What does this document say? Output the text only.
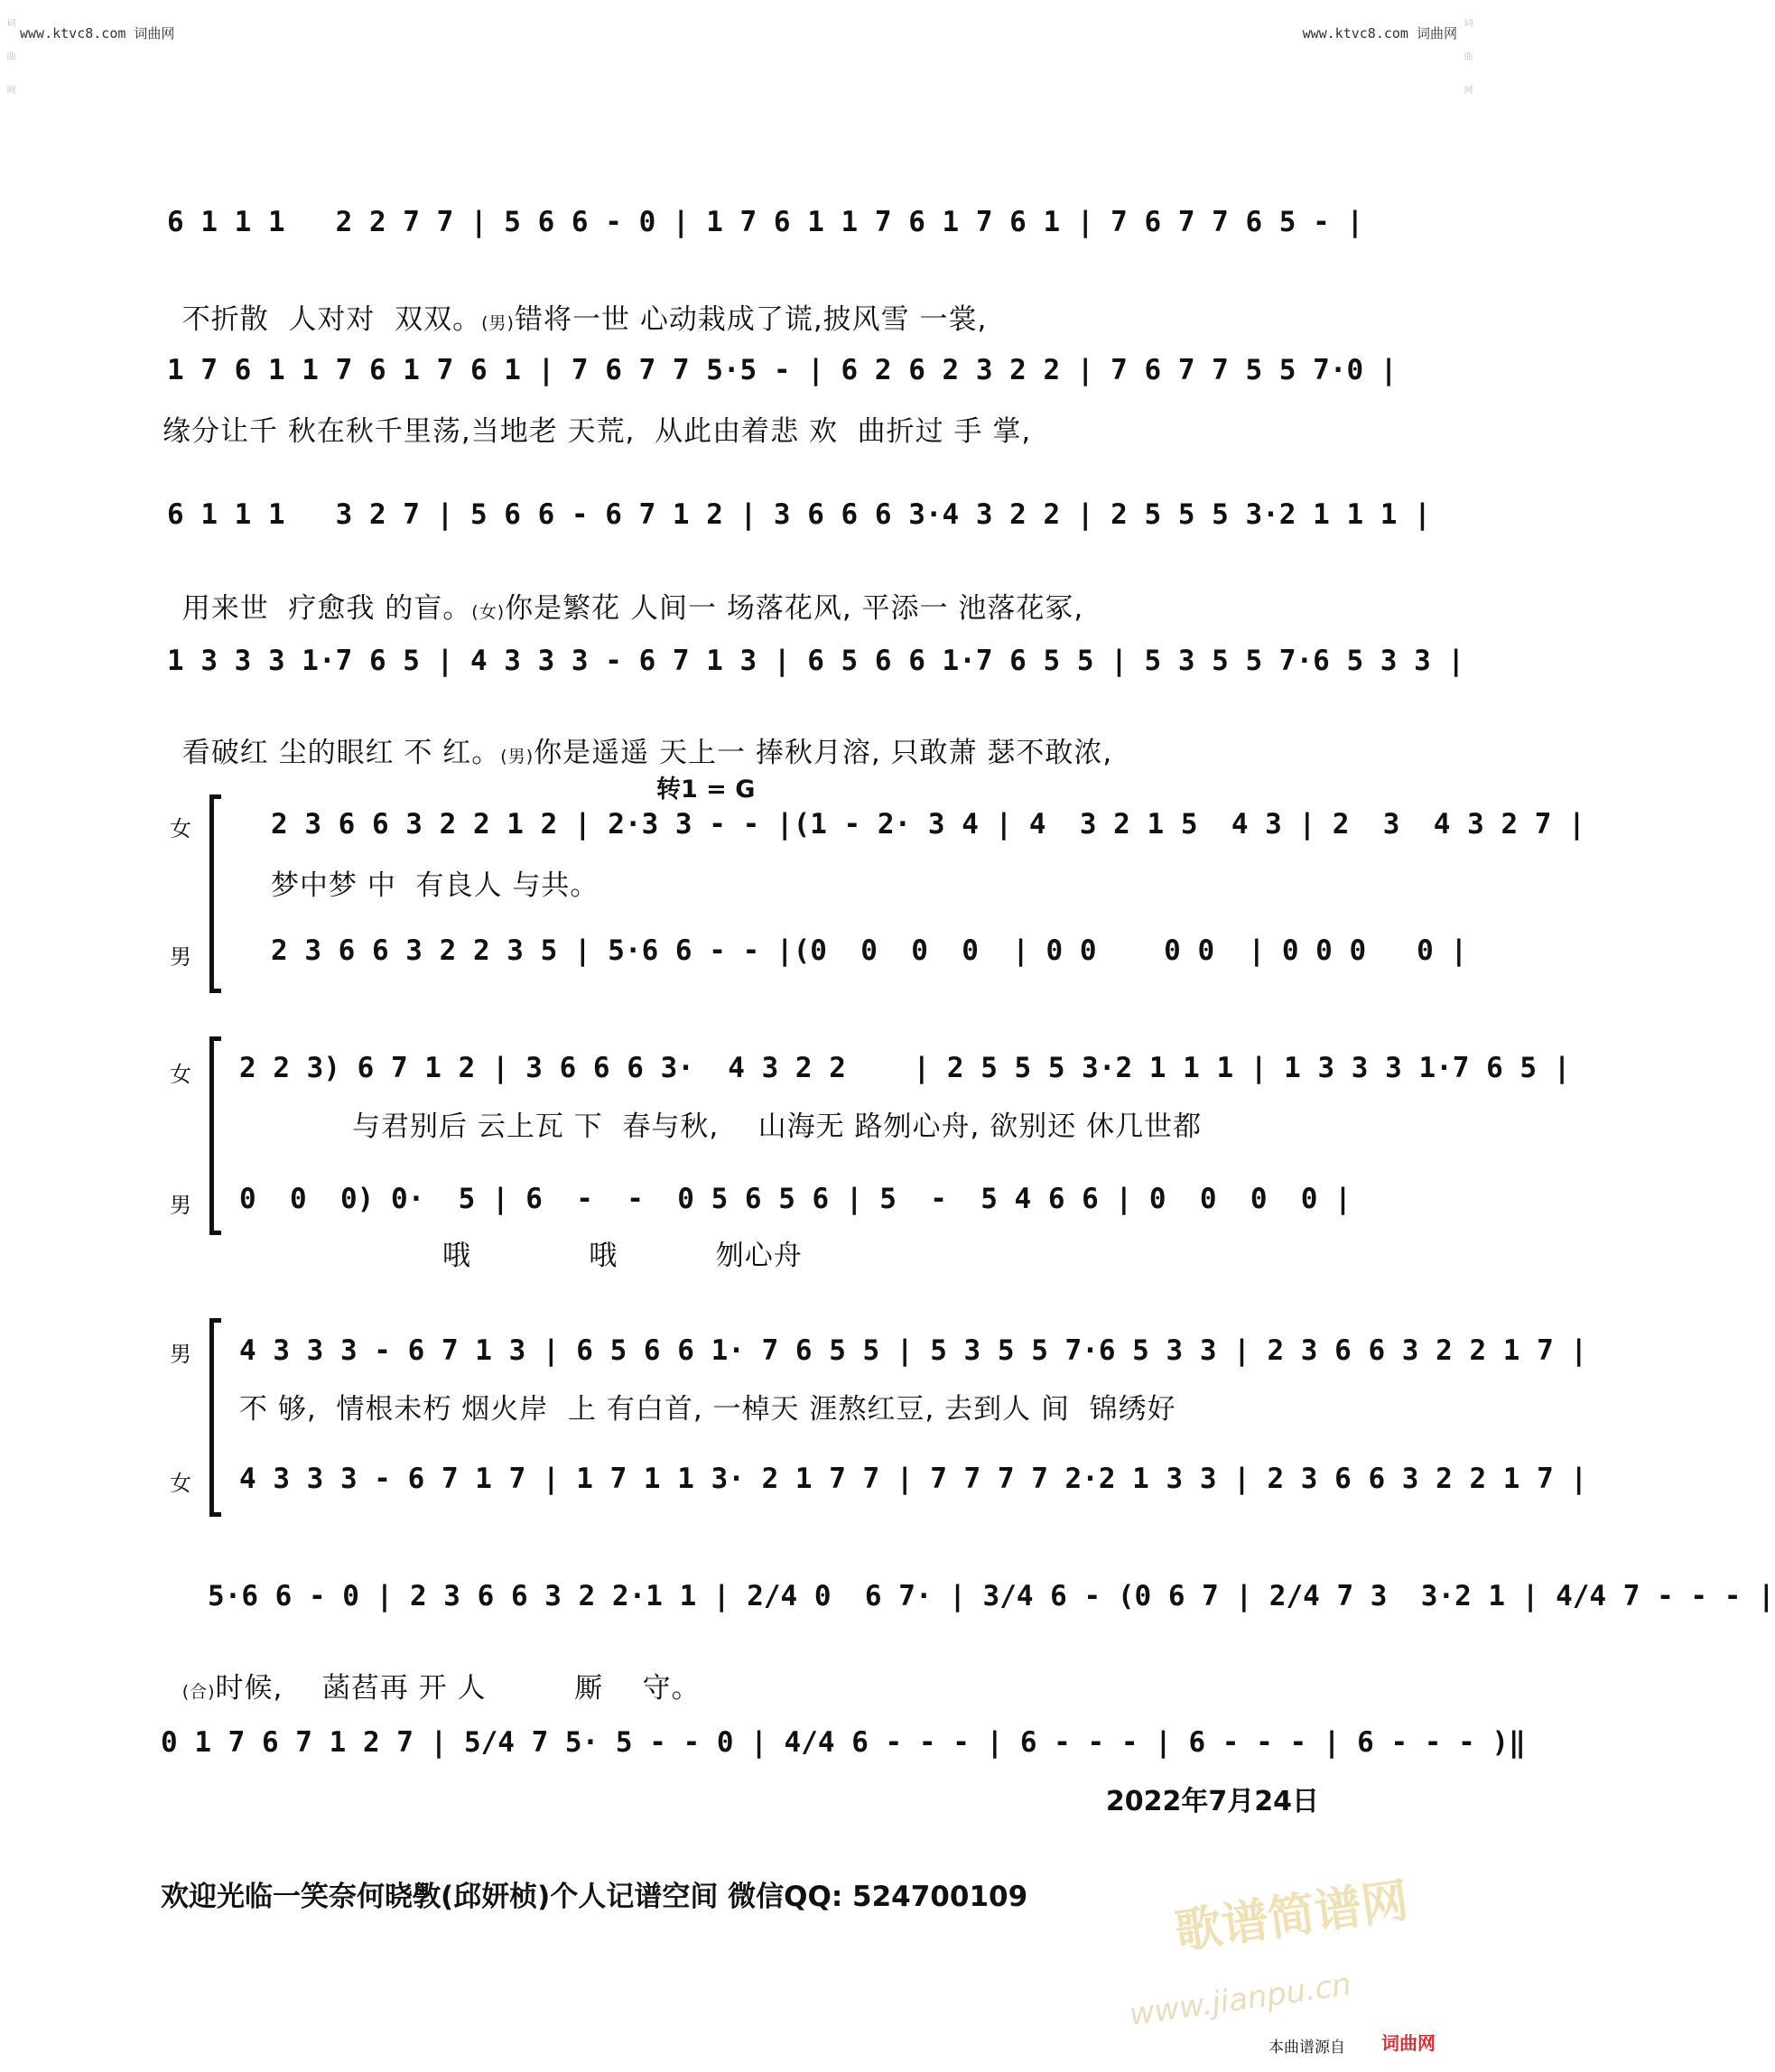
www.ktvc8.com 词曲网	www.ktvc8.com 词曲网
词 曲 网	词 曲 网
6 1 1 1   2 2 7 7 | 5 6 6 - 0 | 1 7 6 1 1 7 6 1 7 6 1 | 7 6 7 7 6 5 - |

不折散  人对对  双双。(男)错将一世 心动栽成了谎,披风雪 一裳,

1 7 6 1 1 7 6 1 7 6 1 | 7 6 7 7 5·5 - | 6 2 6 2 3 2 2 | 7 6 7 7 5 5 7·0 |
缘分让千 秋在秋千里荡,当地老 天荒,  从此由着悲 欢  曲折过 手 掌,
6 1 1 1   3 2 7 | 5 6 6 - 6 7 1 2 | 3 6 6 6 3·4 3 2 2 | 2 5 5 5 3·2 1 1 1 |

用来世  疗愈我 的盲。(女)你是繁花 人间一 场落花风, 平添一 池落花冢,

1 3 3 3 1·7 6 5 | 4 3 3 3 - 6 7 1 3 | 6 5 6 6 1·7 6 5 5 | 5 3 5 5 7·6 5 3 3 |

看破红 尘的眼红 不 红。(男)你是遥遥 天上一 捧秋月溶, 只敢萧 瑟不敢浓,

转1 = G
女	2 3 6 6 3 2 2 1 2 | 2·3 3 - - |(1 - 2· 3 4 | 4  3 2 1 5  4 3 | 2  3  4 3 2 7 |
梦中梦 中  有良人 与共。
男	2 3 6 6 3 2 2 3 5 | 5·6 6 - - |(0  0  0  0  | 0 0    0 0  | 0 0 0   0 |
女 2 2 3) 6 7 1 2 | 3 6 6 6 3·  4 3 2 2    | 2 5 5 5 3·2 1 1 1 | 1 3 3 3 1·7 6 5 |
与君别后 云上瓦 下  春与秋,    山海无 路刎心舟, 欲别还 休几世都
男 0  0  0) 0·  5 | 6  -  -  0 5 6 5 6 | 5  -  5 4 6 6 | 0  0  0  0 |
哦            哦          刎心舟
男 4 3 3 3 - 6 7 1 3 | 6 5 6 6 1· 7 6 5 5 | 5 3 5 5 7·6 5 3 3 | 2 3 6 6 3 2 2 1 7 |
不 够,  情根未朽 烟火岸  上 有白首, 一棹天 涯熬红豆, 去到人 间  锦绣好
女 4 3 3 3 - 6 7 1 7 | 1 7 1 1 3· 2 1 7 7 | 7 7 7 7 2·2 1 3 3 | 2 3 6 6 3 2 2 1 7 |
5·6 6 - 0 | 2 3 6 6 3 2 2·1 1 | 2/4 0  6 7· | 3/4 6 - (0 6 7 | 2/4 7 3  3·2 1 | 4/4 7 - - - |

(合)时候,    菡萏再 开 人         厮    守。

0 1 7 6 7 1 2 7 | 5/4 7 5· 5 - - 0 | 4/4 6 - - - | 6 - - - | 6 - - - | 6 - - - )‖
2022年7月24日
欢迎光临一笑奈何晓斆(邱妍桢)个人记谱空间 微信QQ: 524700109	歌谱简谱网
www.jianpu.cn
本曲谱源自 词曲网
